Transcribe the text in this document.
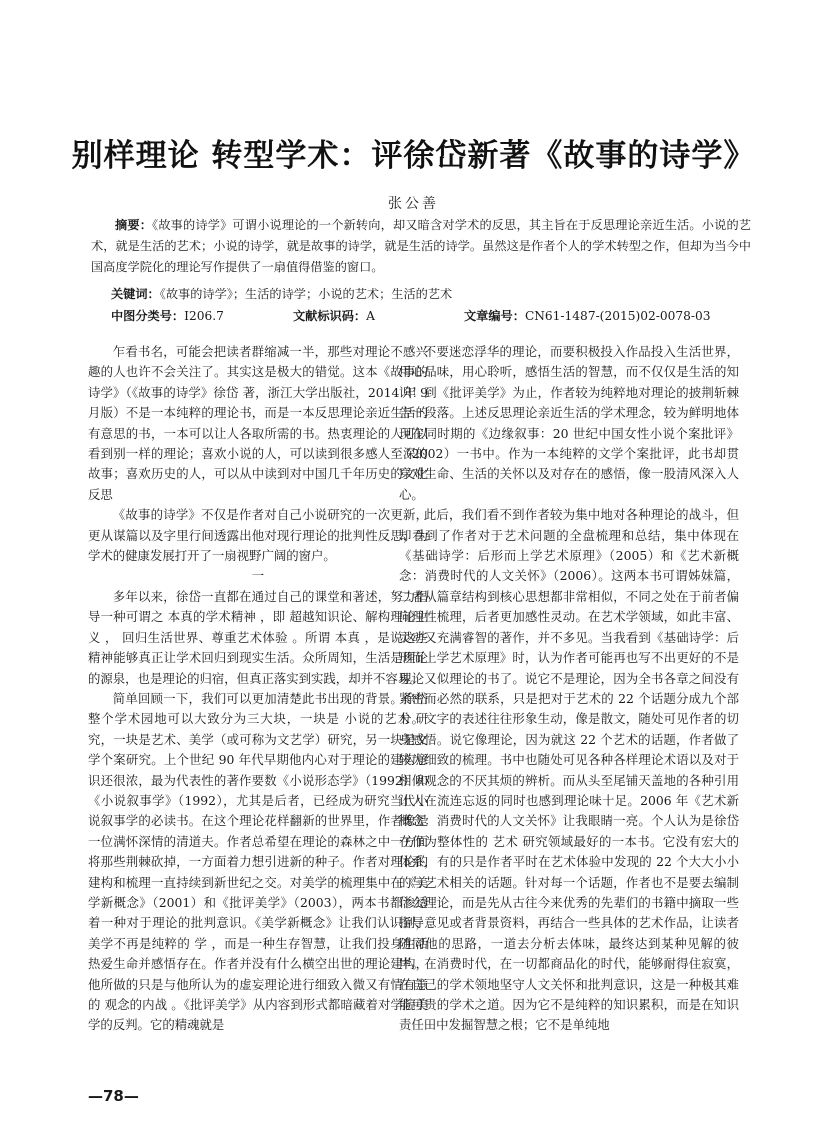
别样理论 转型学术：评徐岱新著《故事的诗学》
张公善
摘要：《故事的诗学》可谓小说理论的一个新转向，却又暗含对学术的反思，其主旨在于反思理论亲近生活。小说的艺术，就是生活的艺术；小说的诗学，就是故事的诗学，就是生活的诗学。虽然这是作者个人的学术转型之作，但却为当今中国高度学院化的理论写作提供了一扇值得借鉴的窗口。
关键词：《故事的诗学》；生活的诗学；小说的艺术；生活的艺术
中图分类号：I206.7	文献标识码：A	文章编号：CN61-1487-(2015)02-0078-03

乍看书名，可能会把读者群缩减一半，那些对理论不感兴趣的人也许不会关注了。其实这是极大的错觉。这本《故事的诗学》（《故事的诗学》徐岱 著，浙江大学出版社，2014 年 9 月版）不是一本纯粹的理论书，而是一本反思理论亲近生活的有意思的书，一本可以让人各取所需的书。热衷理论的人可以看到别一样的理论；喜欢小说的人，可以读到很多感人至深的故事；喜欢历史的人，可以从中读到对中国几千年历史的文化反思

《故事的诗学》不仅是作者对自己小说研究的一次更新，更从谋篇以及字里行间透露出他对现行理论的批判性反思，为学术的健康发展打开了一扇视野广阔的窗户。

一

多年以来，徐岱一直都在通过自己的课堂和著述，努力倡导一种可谓之 本真的学术精神 ，即 超越知识论、解构理论主义 ， 回归生活世界、尊重艺术体验 。所谓 本真 ，是说这些精神能够真正让学术回归到现实生活。众所周知，生活是理论的源泉，也是理论的归宿，但真正落实到实践，却并不容易。

简单回顾一下，我们可以更加清楚此书出现的背景。徐岱整个学术园地可以大致分为三大块，一块是 小说的艺术 研究，一块是艺术、美学（或可称为文艺学）研究，另一块是文学个案研究。上个世纪 90 年代早期他内心对于理论的建构意识还很浓，最为代表性的著作要数《小说形态学》（1992）和《小说叙事学》（1992），尤其是后者，已经成为研究当代小说叙事学的必读书。在这个理论花样翻新的世界里，作者像是一位满怀深情的清道夫。作者总希望在理论的森林之中一方面将那些荆棘砍掉，一方面着力想引进新的种子。作者对理论的建构和梳理一直持续到新世纪之交。对美学的梳理集中在《美学新概念》（2001）和《批评美学》（2003），两本书都渗透着一种对于理论的批判意识。《美学新概念》让我们认识到，美学不再是纯粹的 学 ，而是一种生存智慧，让我们投身生活热爱生命并感悟存在。作者并没有什么横空出世的理论建构，他所做的只是与他所认为的虚妄理论进行细致入微又有情有意的 观念的内战 。《批评美学》从内容到形式都暗藏着对学院美学的反判。它的精魂就是

不要迷恋浮华的理论，而要积极投入作品投入生活世界，用心品味，用心聆听，感悟生活的智慧，而不仅仅是生活的知识！到《批评美学》为止，作者较为纯粹地对理论的披荆斩棘告一段落。上述反思理论亲近生活的学术理念，较为鲜明地体现在同时期的《边缘叙事：20 世纪中国女性小说个案批评》（2002）一书中。作为一本纯粹的文学个案批评，此书却贯穿对生命、生活的关怀以及对存在的感悟，像一股清风深入人心。

此后，我们看不到作者较为集中地对各种理论的战斗，但却看到了作者对于艺术问题的全盘梳理和总结，集中体现在《基础诗学：后形而上学艺术原理》（2005）和《艺术新概念：消费时代的人文关怀》（2006）。这两本书可谓姊妹篇，二者从篇章结构到核心思想都非常相似，不同之处在于前者偏向理性梳理，后者更加感性灵动。在艺术学领域，如此丰富、灵动又充满睿智的著作，并不多见。当我看到《基础诗学：后形而上学艺术原理》时，认为作者可能再也写不出更好的不是理论又似理论的书了。说它不是理论，因为全书各章之间没有紧密而必然的联系，只是把对于艺术的 22 个话题分成九个部分。文字的表述往往形象生动，像是散文，随处可见作者的切身感悟。说它像理论，因为就这 22 个艺术的话题，作者做了较为细致的梳理。书中也随处可见各种各样理论术语以及对于相似观念的不厌其烦的辨析。而从头至尾铺天盖地的各种引用让人在流连忘返的同时也感到理论味十足。2006 年《艺术新概念：消费时代的人文关怀》让我眼睛一亮。个人认为是徐岱在作为整体性的 艺术 研究领域最好的一本书。它没有宏大的体系，有的只是作者平时在艺术体验中发现的 22 个大大小小的与艺术相关的话题。针对每一个话题，作者也不是要去编制什么理论，而是先从古往今来优秀的先辈们的书籍中摘取一些指导意见或者背景资料，再结合一些具体的艺术作品，让读者随同他的思路，一道去分析去体味，最终达到某种见解的彼岸。在消费时代，在一切都商品化的时代，能够耐得住寂寞，在自己的学术领地坚守人文关怀和批判意识，这是一种极其难能可贵的学术之道。因为它不是纯粹的知识累积，而是在知识责任田中发掘智慧之根；它不是单纯地

—78—
